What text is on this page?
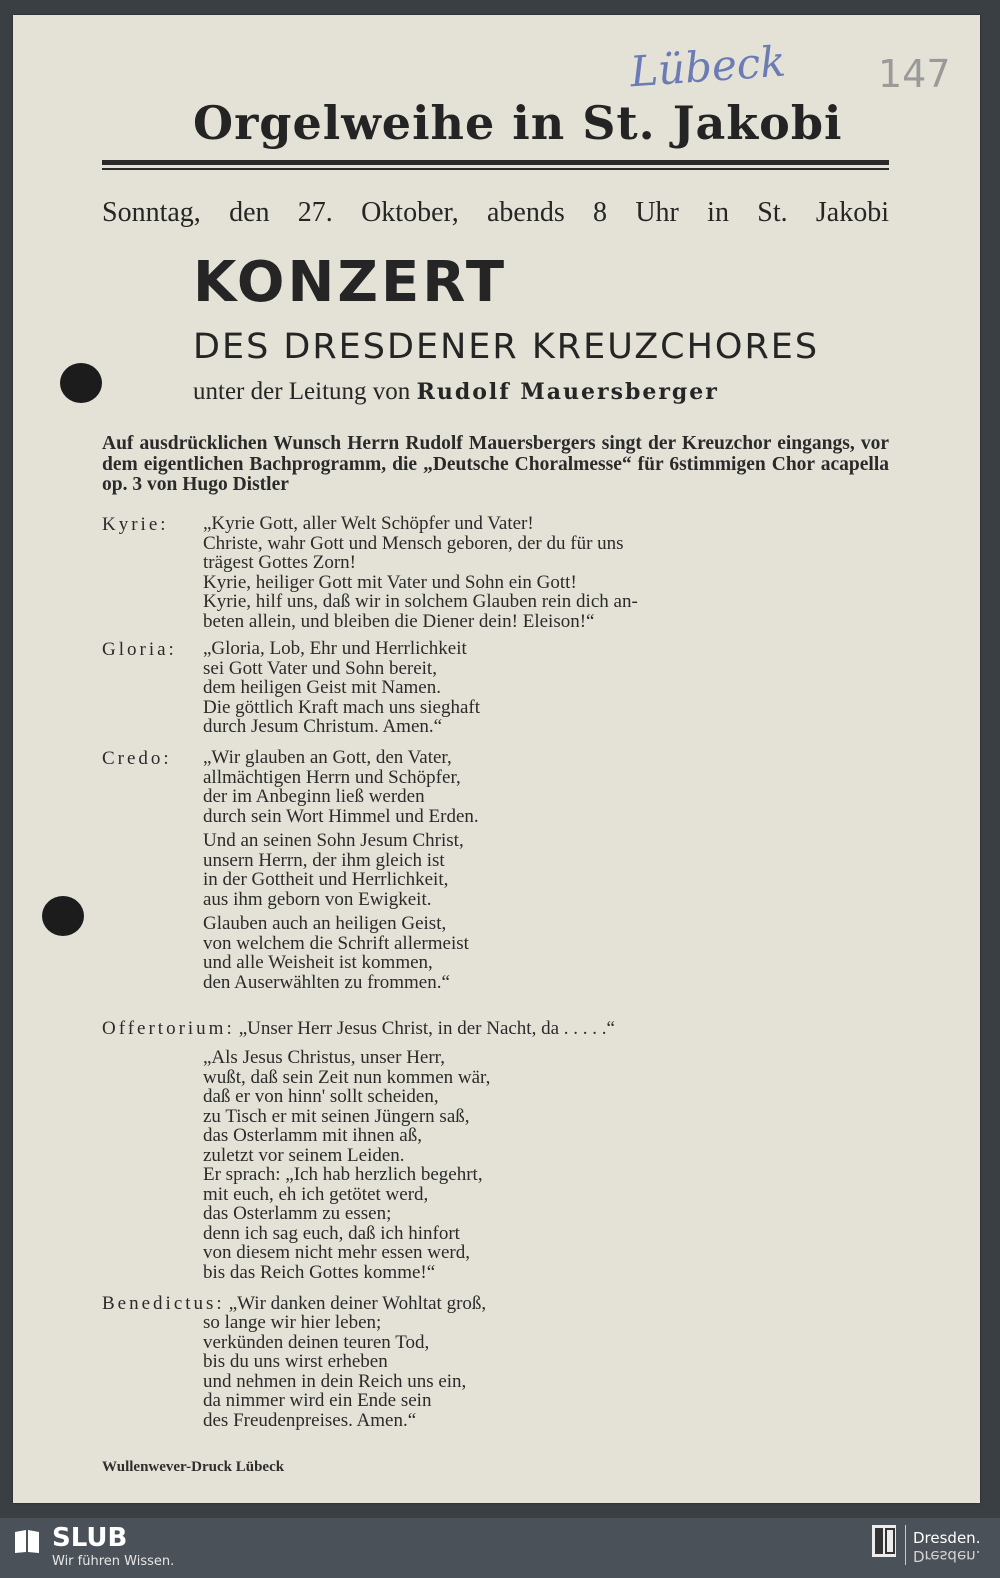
Lübeck 147
Orgelweihe in St. Jakobi
Sonntag, den 27. Oktober, abends 8 Uhr in St. Jakobi
KONZERT
DES DRESDENER KREUZCHORES
unter der Leitung von Rudolf Mauersberger
Auf ausdrücklichen Wunsch Herrn Rudolf Mauersbergers singt der Kreuzchor eingangs, vor dem eigentlichen Bachprogramm, die „Deutsche Choralmesse“ für 6stimmigen Chor acapella op. 3 von Hugo Distler
Kyrie: „Kyrie Gott, aller Welt Schöpfer und Vater!
Christe, wahr Gott und Mensch geboren, der du für uns
trägest Gottes Zorn!
Kyrie, heiliger Gott mit Vater und Sohn ein Gott!
Kyrie, hilf uns, daß wir in solchem Glauben rein dich an-
beten allein, und bleiben die Diener dein! Eleison!“
Gloria: „Gloria, Lob, Ehr und Herrlichkeit
sei Gott Vater und Sohn bereit,
dem heiligen Geist mit Namen.
Die göttlich Kraft mach uns sieghaft
durch Jesum Christum. Amen.“
Credo: „Wir glauben an Gott, den Vater,
allmächtigen Herrn und Schöpfer,
der im Anbeginn ließ werden
durch sein Wort Himmel und Erden.
Und an seinen Sohn Jesum Christ,
unsern Herrn, der ihm gleich ist
in der Gottheit und Herrlichkeit,
aus ihm geborn von Ewigkeit.
Glauben auch an heiligen Geist,
von welchem die Schrift allermeist
und alle Weisheit ist kommen,
den Auserwählten zu frommen.“
Offertorium: „Unser Herr Jesus Christ, in der Nacht, da . . . . .“
„Als Jesus Christus, unser Herr,
wußt, daß sein Zeit nun kommen wär,
daß er von hinn' sollt scheiden,
zu Tisch er mit seinen Jüngern saß,
das Osterlamm mit ihnen aß,
zuletzt vor seinem Leiden.
Er sprach: „Ich hab herzlich begehrt,
mit euch, eh ich getötet werd,
das Osterlamm zu essen;
denn ich sag euch, daß ich hinfort
von diesem nicht mehr essen werd,
bis das Reich Gottes komme!“
Benedictus: „Wir danken deiner Wohltat groß,
so lange wir hier leben;
verkünden deinen teuren Tod,
bis du uns wirst erheben
und nehmen in dein Reich uns ein,
da nimmer wird ein Ende sein
des Freudenpreises. Amen.“
Wullenwever-Druck Lübeck
SLUB
Wir führen Wissen.
Dresden.
Dresden.
